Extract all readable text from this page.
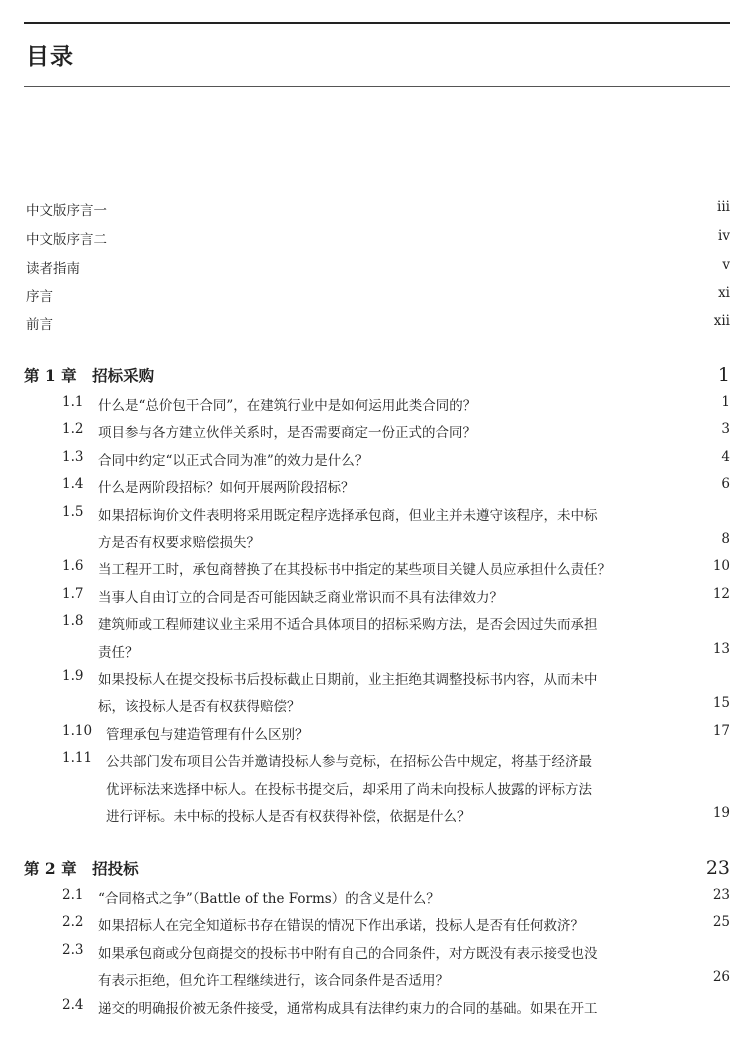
目录
中文版序言一	iii
中文版序言二	iv
读者指南	v
序言	xi
前言	xii
第 1 章　招标采购	1
1.1 什么是“总价包干合同”，在建筑行业中是如何运用此类合同的？	1
1.2 项目参与各方建立伙伴关系时，是否需要商定一份正式的合同？	3
1.3 合同中约定“以正式合同为准”的效力是什么？	4
1.4 什么是两阶段招标？如何开展两阶段招标？	6
1.5 如果招标询价文件表明将采用既定程序选择承包商，但业主并未遵守该程序，未中标
方是否有权要求赔偿损失？	8
1.6 当工程开工时，承包商替换了在其投标书中指定的某些项目关键人员应承担什么责任？	10
1.7 当事人自由订立的合同是否可能因缺乏商业常识而不具有法律效力？	12
1.8 建筑师或工程师建议业主采用不适合具体项目的招标采购方法，是否会因过失而承担
责任？	13
1.9 如果投标人在提交投标书后投标截止日期前，业主拒绝其调整投标书内容，从而未中
标，该投标人是否有权获得赔偿？	15
1.10 管理承包与建造管理有什么区别？	17
1.11 公共部门发布项目公告并邀请投标人参与竞标，在招标公告中规定，将基于经济最
优评标法来选择中标人。在投标书提交后，却采用了尚未向投标人披露的评标方法
进行评标。未中标的投标人是否有权获得补偿，依据是什么？	19
第 2 章　招投标	23
2.1 “合同格式之争”（Battle of the Forms）的含义是什么？	23
2.2 如果招标人在完全知道标书存在错误的情况下作出承诺，投标人是否有任何救济？	25
2.3 如果承包商或分包商提交的投标书中附有自己的合同条件，对方既没有表示接受也没
有表示拒绝，但允许工程继续进行，该合同条件是否适用？	26
2.4 递交的明确报价被无条件接受，通常构成具有法律约束力的合同的基础。如果在开工
